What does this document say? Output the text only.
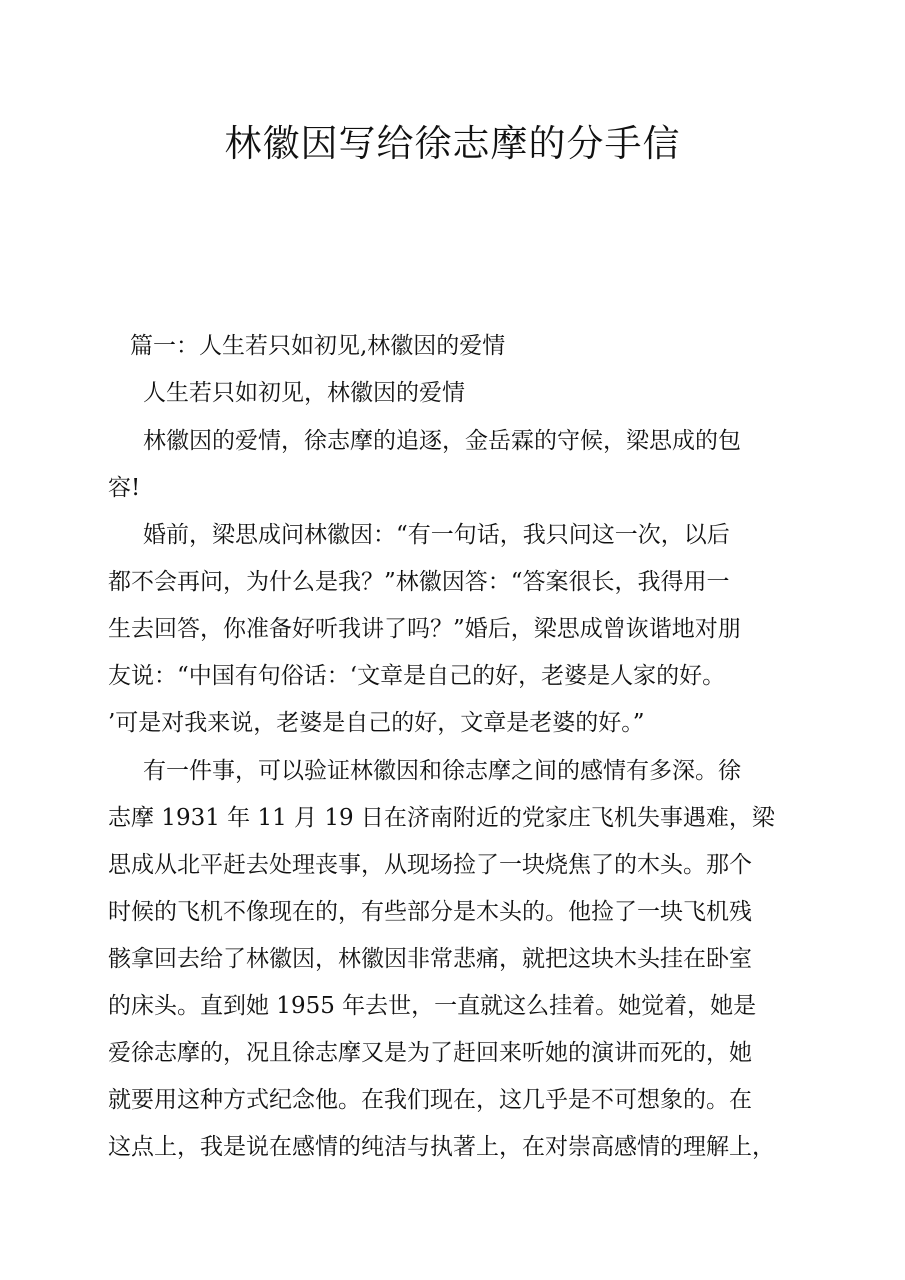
林徽因写给徐志摩的分手信

篇一：人生若只如初见,林徽因的爱情

人生若只如初见，林徽因的爱情

林徽因的爱情，徐志摩的追逐，金岳霖的守候，梁思成的包

容!

婚前，梁思成问林徽因：“有一句话，我只问这一次，以后

都不会再问，为什么是我？”林徽因答：“答案很长，我得用一

生去回答，你准备好听我讲了吗？”婚后，梁思成曾诙谐地对朋

友说：“中国有句俗话：‘文章是自己的好，老婆是人家的好。

’可是对我来说，老婆是自己的好，文章是老婆的好。”

有一件事，可以验证林徽因和徐志摩之间的感情有多深。徐

志摩 1931 年 11 月 19 日在济南附近的党家庄飞机失事遇难，梁

思成从北平赶去处理丧事，从现场捡了一块烧焦了的木头。那个

时候的飞机不像现在的，有些部分是木头的。他捡了一块飞机残

骸拿回去给了林徽因，林徽因非常悲痛，就把这块木头挂在卧室

的床头。直到她 1955 年去世，一直就这么挂着。她觉着，她是

爱徐志摩的，况且徐志摩又是为了赶回来听她的演讲而死的，她

就要用这种方式纪念他。在我们现在，这几乎是不可想象的。在

这点上，我是说在感情的纯洁与执著上，在对崇高感情的理解上，
